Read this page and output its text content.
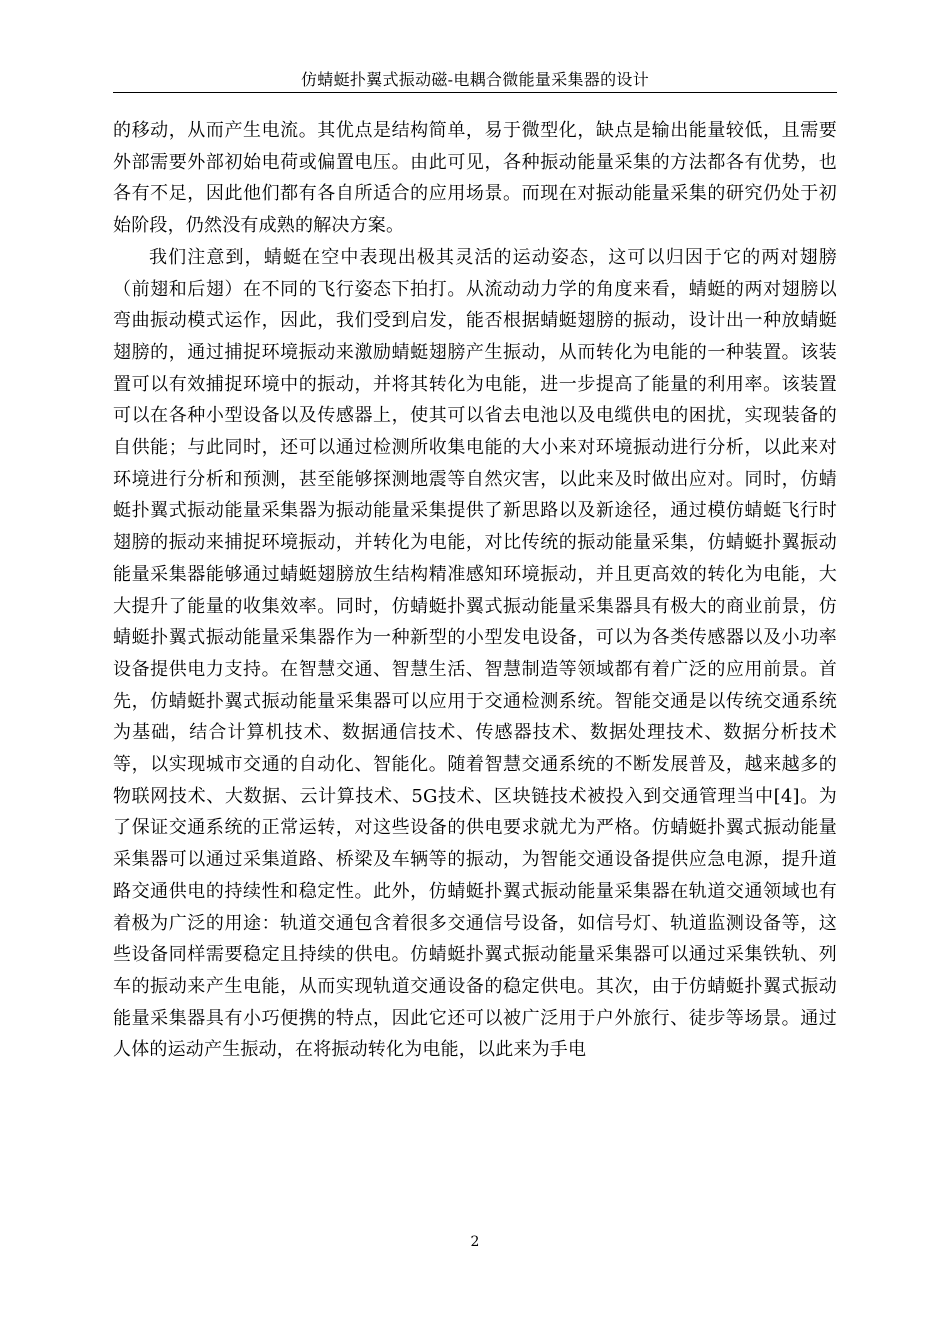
仿蜻蜓扑翼式振动磁-电耦合微能量采集器的设计

的移动，从而产生电流。其优点是结构简单，易于微型化，缺点是输出能量较低，且需要外部需要外部初始电荷或偏置电压。由此可见，各种振动能量采集的方法都各有优势，也各有不足，因此他们都有各自所适合的应用场景。而现在对振动能量采集的研究仍处于初始阶段，仍然没有成熟的解决方案。

我们注意到，蜻蜓在空中表现出极其灵活的运动姿态，这可以归因于它的两对翅膀（前翅和后翅）在不同的飞行姿态下拍打。从流动动力学的角度来看，蜻蜓的两对翅膀以弯曲振动模式运作，因此，我们受到启发，能否根据蜻蜓翅膀的振动，设计出一种放蜻蜓翅膀的，通过捕捉环境振动来激励蜻蜓翅膀产生振动，从而转化为电能的一种装置。该装置可以有效捕捉环境中的振动，并将其转化为电能，进一步提高了能量的利用率。该装置可以在各种小型设备以及传感器上，使其可以省去电池以及电缆供电的困扰，实现装备的自供能；与此同时，还可以通过检测所收集电能的大小来对环境振动进行分析，以此来对环境进行分析和预测，甚至能够探测地震等自然灾害，以此来及时做出应对。同时，仿蜻蜓扑翼式振动能量采集器为振动能量采集提供了新思路以及新途径，通过模仿蜻蜓飞行时翅膀的振动来捕捉环境振动，并转化为电能，对比传统的振动能量采集，仿蜻蜓扑翼振动能量采集器能够通过蜻蜓翅膀放生结构精准感知环境振动，并且更高效的转化为电能，大大提升了能量的收集效率。同时，仿蜻蜓扑翼式振动能量采集器具有极大的商业前景，仿蜻蜓扑翼式振动能量采集器作为一种新型的小型发电设备，可以为各类传感器以及小功率设备提供电力支持。在智慧交通、智慧生活、智慧制造等领域都有着广泛的应用前景。首先，仿蜻蜓扑翼式振动能量采集器可以应用于交通检测系统。智能交通是以传统交通系统为基础，结合计算机技术、数据通信技术、传感器技术、数据处理技术、数据分析技术等，以实现城市交通的自动化、智能化。随着智慧交通系统的不断发展普及，越来越多的物联网技术、大数据、云计算技术、5G技术、区块链技术被投入到交通管理当中[4]。为了保证交通系统的正常运转，对这些设备的供电要求就尤为严格。仿蜻蜓扑翼式振动能量采集器可以通过采集道路、桥梁及车辆等的振动，为智能交通设备提供应急电源，提升道路交通供电的持续性和稳定性。此外，仿蜻蜓扑翼式振动能量采集器在轨道交通领域也有着极为广泛的用途：轨道交通包含着很多交通信号设备，如信号灯、轨道监测设备等，这些设备同样需要稳定且持续的供电。仿蜻蜓扑翼式振动能量采集器可以通过采集铁轨、列车的振动来产生电能，从而实现轨道交通设备的稳定供电。其次，由于仿蜻蜓扑翼式振动能量采集器具有小巧便携的特点，因此它还可以被广泛用于户外旅行、徒步等场景。通过人体的运动产生振动，在将振动转化为电能，以此来为手电

2
